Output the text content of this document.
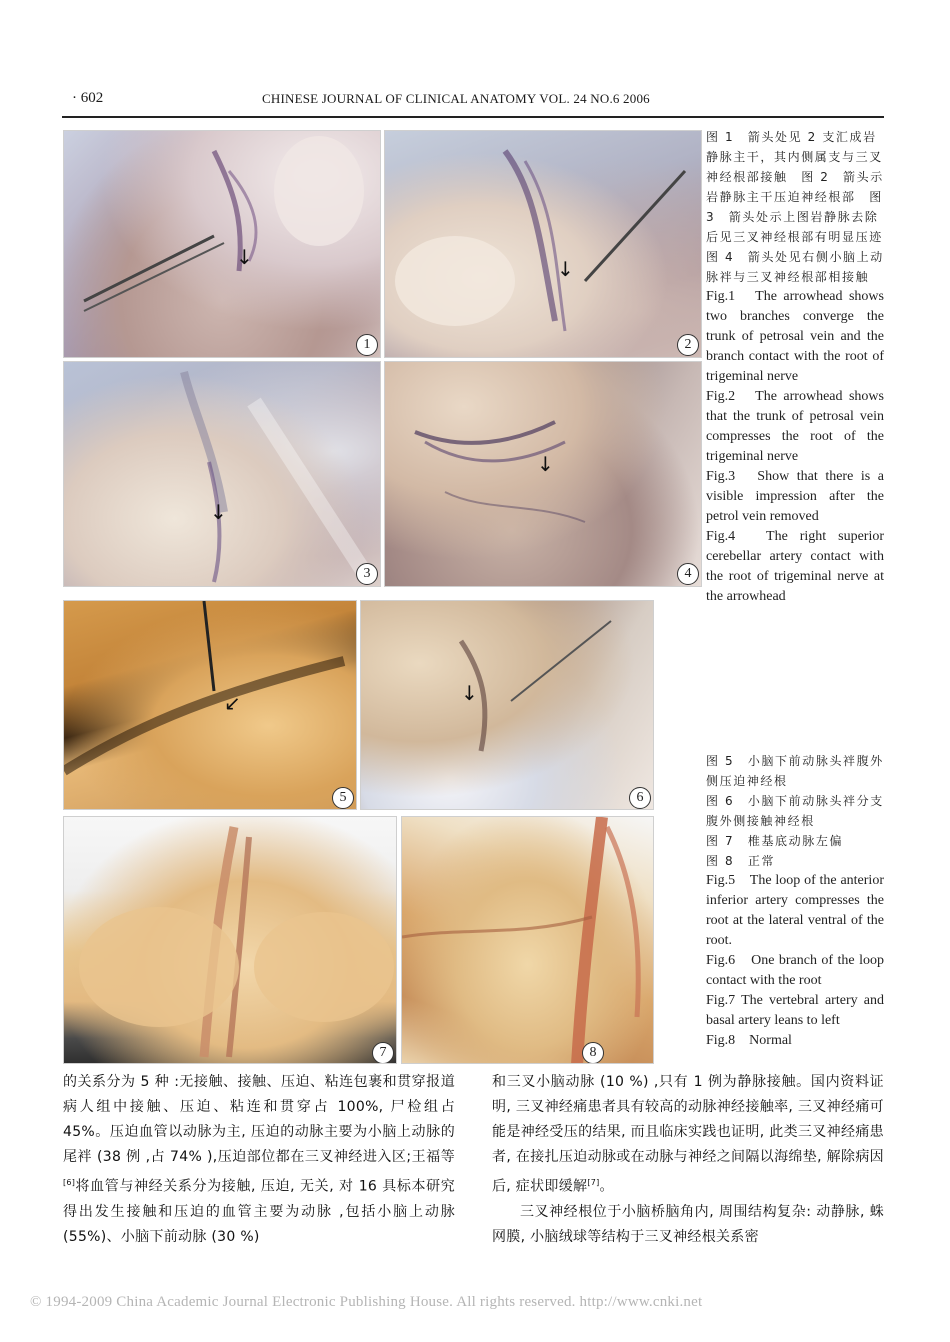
· 602	CHINESE JOURNAL OF CLINICAL ANATOMY VOL. 24 NO.6 2006
↓
1
↓
2
↓
3
↓
4
图 1　箭头处见 2 支汇成岩静脉主干，其内侧属支与三叉神经根部接触　图 2　箭头示岩静脉主干压迫神经根部　图 3　箭头处示上图岩静脉去除后见三叉神经根部有明显压迹　图 4　箭头处见右侧小脑上动脉袢与三叉神经根部相接触
Fig.1　The arrowhead shows two branches converge the trunk of petrosal vein and the branch contact with the root of trigeminal nerve
Fig.2　The arrowhead shows that the trunk of petrosal vein compresses the root of the trigeminal nerve
Fig.3　Show that there is a visible impression after the petrol vein removed
Fig.4　The right superior cerebellar artery contact with the root of trigeminal nerve at the arrowhead
↙
5
↓
6
7	8
图 5　小脑下前动脉头袢腹外侧压迫神经根
图 6　小脑下前动脉头袢分支腹外侧接触神经根
图 7　椎基底动脉左偏
图 8　正常
Fig.5　The loop of the anterior inferior artery compresses the root at the lateral ventral of the root.
Fig.6　One branch of the loop contact with the root
Fig.7 The vertebral artery and basal artery leans to left
Fig.8　Normal

的关系分为 5 种 :无接触、接触、压迫、粘连包裹和贯穿报道病人组中接触、压迫、粘连和贯穿占 100%, 尸检组占 45%。压迫血管以动脉为主, 压迫的动脉主要为小脑上动脉的尾袢 (38 例 ,占 74% ),压迫部位都在三叉神经进入区;王福等[6]将血管与神经关系分为接触, 压迫, 无关, 对 16 具标本研究得出发生接触和压迫的血管主要为动脉 ,包括小脑上动脉 (55%)、小脑下前动脉 (30 %)

和三叉小脑动脉 (10 %) ,只有 1 例为静脉接触。国内资料证明, 三叉神经痛患者具有较高的动脉神经接触率, 三叉神经痛可能是神经受压的结果, 而且临床实践也证明, 此类三叉神经痛患者, 在接扎压迫动脉或在动脉与神经之间隔以海绵垫, 解除病因后, 症状即缓解[7]。

三叉神经根位于小脑桥脑角内, 周围结构复杂: 动静脉, 蛛网膜, 小脑绒球等结构于三叉神经根关系密

© 1994-2009 China Academic Journal Electronic Publishing House. All rights reserved. http://www.cnki.net
